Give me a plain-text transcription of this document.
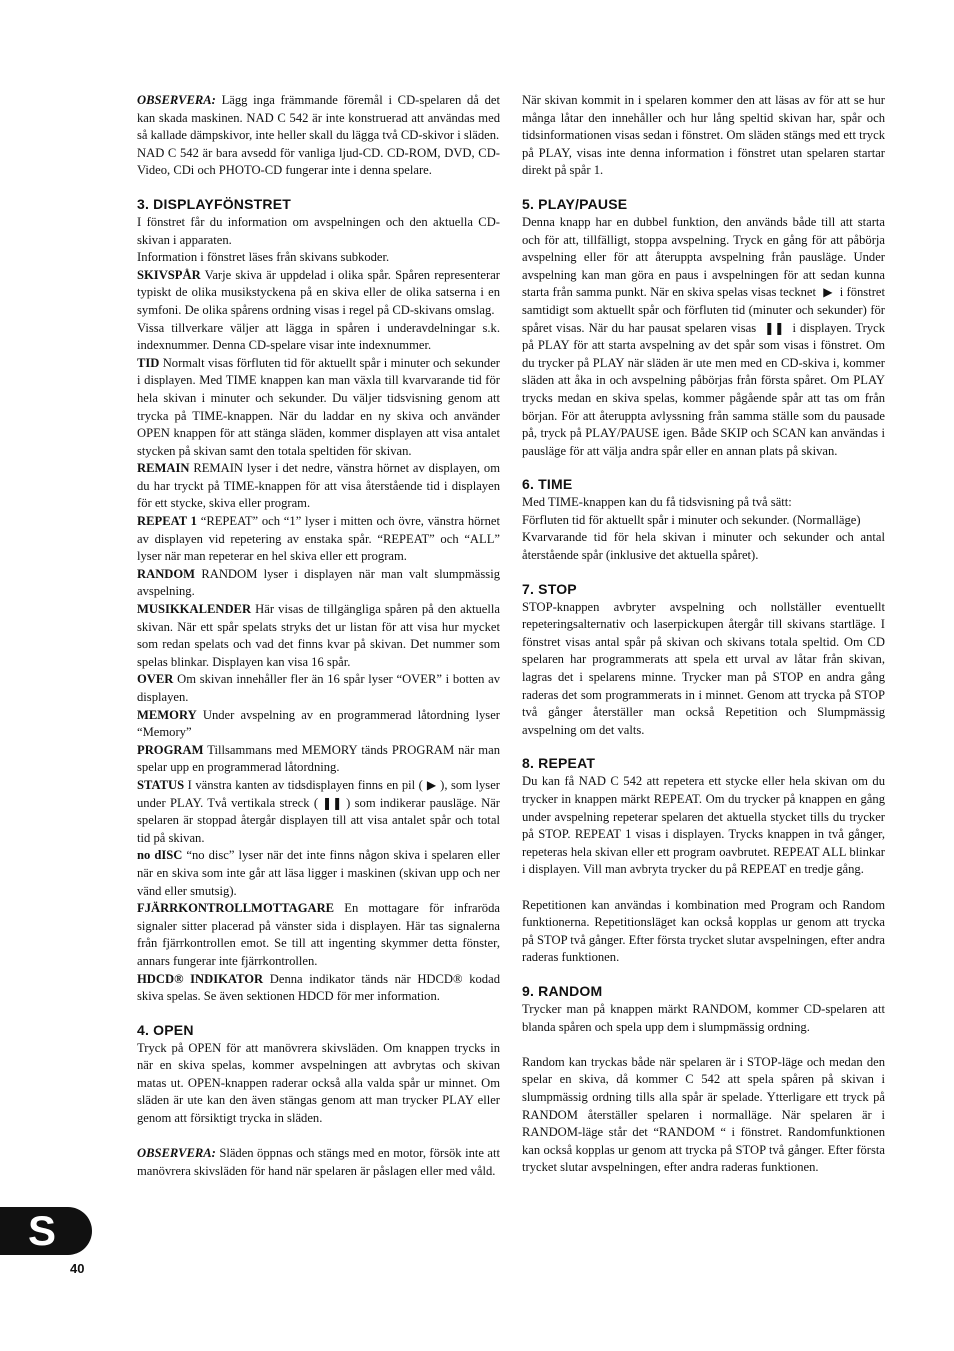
OBSERVERA: Lägg inga främmande föremål i CD-spelaren då det kan skada maskinen. NAD C 542 är inte konstruerad att användas med så kallade dämpskivor, inte heller skall du lägga två CD-skivor i släden.

NAD C 542 är bara avsedd för vanliga ljud-CD. CD-ROM, DVD, CD-Video, CDi och PHOTO-CD fungerar inte i denna spelare.

3. DISPLAYFÖNSTRET

I fönstret får du information om avspelningen och den aktuella CD-skivan i apparaten.

Information i fönstret läses från skivans subkoder.

SKIVSPÅR Varje skiva är uppdelad i olika spår. Spåren representerar typiskt de olika musikstyckena på en skiva eller de olika satserna i en symfoni. De olika spårens ordning visas i regel på CD-skivans omslag.

Vissa tillverkare väljer att lägga in spåren i underavdelningar s.k. indexnummer. Denna CD-spelare visar inte indexnummer.

TID Normalt visas förfluten tid för aktuellt spår i minuter och sekunder i displayen. Med TIME knappen kan man växla till kvarvarande tid för hela skivan i minuter och sekunder. Du väljer tidsvisning genom att trycka på TIME-knappen. När du laddar en ny skiva och använder OPEN knappen för att stänga släden, kommer displayen att visa antalet stycken på skivan samt den totala speltiden för skivan.

REMAIN REMAIN lyser i det nedre, vänstra hörnet av displayen, om du har tryckt på TIME-knappen för att visa återstående tid i displayen för ett stycke, skiva eller program.

REPEAT 1 “REPEAT” och “1” lyser i mitten och övre, vänstra hörnet av displayen vid repetering av enstaka spår. “REPEAT” och “ALL” lyser när man repeterar en hel skiva eller ett program.

RANDOM RANDOM lyser i displayen när man valt slumpmässig avspelning.

MUSIKKALENDER Här visas de tillgängliga spåren på den aktuella skivan. När ett spår spelats stryks det ur listan för att visa hur mycket som redan spelats och vad det finns kvar på skivan. Det nummer som spelas blinkar. Displayen kan visa 16 spår.

OVER Om skivan innehåller fler än 16 spår lyser “OVER” i botten av displayen.

MEMORY Under avspelning av en programmerad låtordning lyser “Memory”

PROGRAM Tillsammans med MEMORY tänds PROGRAM när man spelar upp en programmerad låtordning.

STATUS I vänstra kanten av tidsdisplayen finns en pil ( ▶ ), som lyser under PLAY. Två vertikala streck ( ❚❚ ) som indikerar pausläge. När spelaren är stoppad återgår displayen till att visa antalet spår och total tid på skivan.

no dISC “no disc” lyser när det inte finns någon skiva i spelaren eller när en skiva som inte går att läsa ligger i maskinen (skivan upp och ner vänd eller smutsig).

FJÄRRKONTROLLMOTTAGARE En mottagare för infraröda signaler sitter placerad på vänster sida i displayen. Här tas signalerna från fjärrkontrollen emot. Se till att ingenting skymmer detta fönster, annars fungerar inte fjärrkontrollen.

HDCD® INDIKATOR Denna indikator tänds när HDCD® kodad skiva spelas. Se även sektionen HDCD för mer information.

4. OPEN

Tryck på OPEN för att manövrera skivsläden. Om knappen trycks in när en skiva spelas, kommer avspelningen att avbrytas och skivan matas ut. OPEN-knappen raderar också alla valda spår ur minnet. Om släden är ute kan den även stängas genom att man trycker PLAY eller genom att försiktigt trycka in släden.

OBSERVERA: Släden öppnas och stängs med en motor, försök inte att manövrera skivsläden för hand när spelaren är påslagen eller med våld.

När skivan kommit in i spelaren kommer den att läsas av för att se hur många låtar den innehåller och hur lång speltid skivan har, spår och tidsinformationen visas sedan i fönstret. Om släden stängs med ett tryck på PLAY, visas inte denna information i fönstret utan spelaren startar direkt på spår 1.

5. PLAY/PAUSE

Denna knapp har en dubbel funktion, den används både till att starta och för att, tillfälligt, stoppa avspelning. Tryck en gång för att påbörja avspelning eller för att återuppta avspelning från pausläge. Under avspelning kan man göra en paus i avspelningen för att sedan kunna starta från samma punkt. När en skiva spelas visas tecknet ▶ i fönstret samtidigt som aktuellt spår och förfluten tid (minuter och sekunder) för spåret visas. När du har pausat spelaren visas ❚❚ i displayen. Tryck på PLAY för att starta avspelning av det spår som visas i fönstret. Om du trycker på PLAY när släden är ute men med en CD-skiva i, kommer släden att åka in och avspelning påbörjas från första spåret. Om PLAY trycks medan en skiva spelas, kommer pågående spår att tas om från början. För att återuppta avlyssning från samma ställe som du pausade på, tryck på PLAY/PAUSE igen. Både SKIP och SCAN kan användas i pausläge för att välja andra spår eller en annan plats på skivan.

6. TIME

Med TIME-knappen kan du få tidsvisning på två sätt:

Förfluten tid för aktuellt spår i minuter och sekunder. (Normalläge)

Kvarvarande tid för hela skivan i minuter och sekunder och antal återstående spår (inklusive det aktuella spåret).

7. STOP

STOP-knappen avbryter avspelning och nollställer eventuellt repeteringsalternativ och laserpickupen återgår till skivans startläge. I fönstret visas antal spår på skivan och skivans totala speltid. Om CD spelaren har programmerats att spela ett urval av låtar från skivan, lagras det i spelarens minne. Trycker man på STOP en andra gång raderas det som programmerats in i minnet. Genom att trycka på STOP två gånger återställer man också Repetition och Slumpmässig avspelning om det valts.

8. REPEAT

Du kan få NAD C 542 att repetera ett stycke eller hela skivan om du trycker in knappen märkt REPEAT. Om du trycker på knappen en gång under avspelning repeterar spelaren det aktuella stycket tills du trycker på STOP. REPEAT 1 visas i displayen. Trycks knappen in två gånger, repeteras hela skivan eller ett program oavbrutet. REPEAT ALL blinkar i displayen. Vill man avbryta trycker du på REPEAT en tredje gång.

Repetitionen kan användas i kombination med Program och Random funktionerna. Repetitionsläget kan också kopplas ur genom att trycka på STOP två gånger. Efter första trycket slutar avspelningen, efter andra raderas funktionen.

9. RANDOM

Trycker man på knappen märkt RANDOM, kommer CD-spelaren att blanda spåren och spela upp dem i slumpmässig ordning.

Random kan tryckas både när spelaren är i STOP-läge och medan den spelar en skiva, då kommer C 542 att spela spåren på skivan i slumpmässig ordning tills alla spår är spelade. Ytterligare ett tryck på RANDOM återställer spelaren i normalläge. När spelaren är i RANDOM-läge står det “RANDOM “ i fönstret. Randomfunktionen kan också kopplas ur genom att trycka på STOP två gånger. Efter första trycket slutar avspelningen, efter andra raderas funktionen.

S
40
